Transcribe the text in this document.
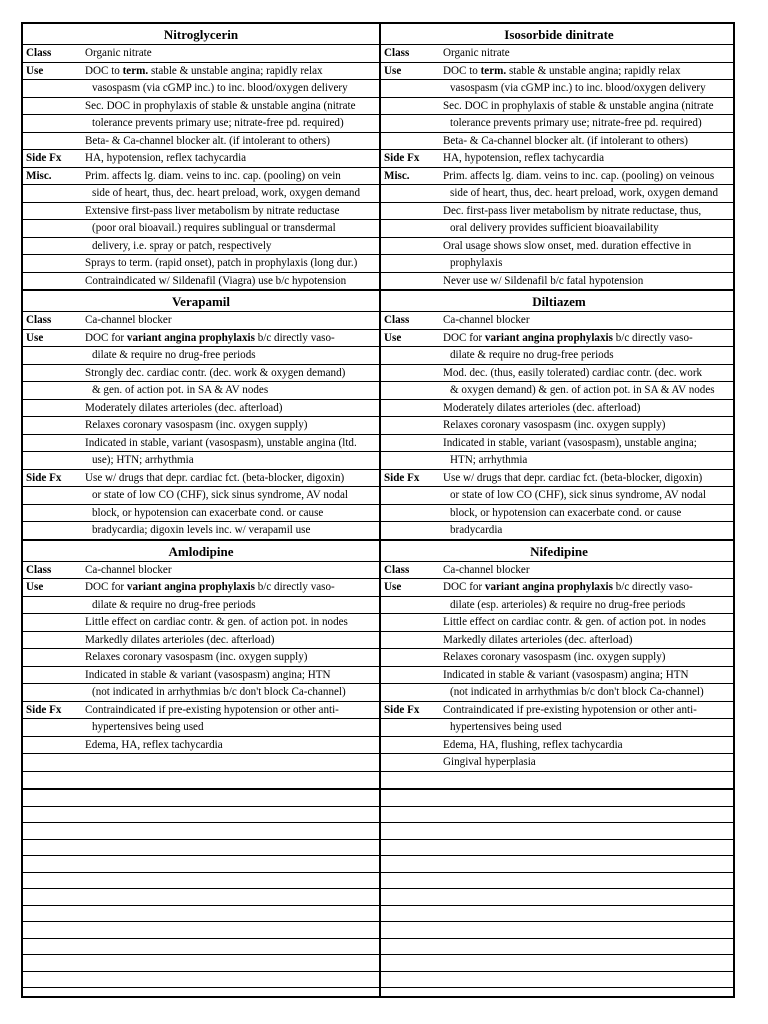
Nitroglycerin
Class	Organic nitrate
Use	DOC to term. stable & unstable angina; rapidly relax
vasospasm (via cGMP inc.) to inc. blood/oxygen delivery
Sec. DOC in prophylaxis of stable & unstable angina (nitrate
tolerance prevents primary use; nitrate-free pd. required)
Beta- & Ca-channel blocker alt. (if intolerant to others)
Side Fx	HA, hypotension, reflex tachycardia
Misc.	Prim. affects lg. diam. veins to inc. cap. (pooling) on vein
side of heart, thus, dec. heart preload, work, oxygen demand
Extensive first-pass liver metabolism by nitrate reductase
(poor oral bioavail.) requires sublingual or transdermal
delivery, i.e. spray or patch, respectively
Sprays to term. (rapid onset), patch in prophylaxis (long dur.)
Contraindicated w/ Sildenafil (Viagra) use b/c hypotension
Verapamil
Class	Ca-channel blocker
Use	DOC for variant angina prophylaxis b/c directly vaso-
dilate & require no drug-free periods
Strongly dec. cardiac contr. (dec. work & oxygen demand)
& gen. of action pot. in SA & AV nodes
Moderately dilates arterioles (dec. afterload)
Relaxes coronary vasospasm (inc. oxygen supply)
Indicated in stable, variant (vasospasm), unstable angina (ltd.
use); HTN; arrhythmia
Side Fx	Use w/ drugs that depr. cardiac fct. (beta-blocker, digoxin)
or state of low CO (CHF), sick sinus syndrome, AV nodal
block, or hypotension can exacerbate cond. or cause
bradycardia; digoxin levels inc. w/ verapamil use
Amlodipine
Class	Ca-channel blocker
Use	DOC for variant angina prophylaxis b/c directly vaso-
dilate & require no drug-free periods
Little effect on cardiac contr. & gen. of action pot. in nodes
Markedly dilates arterioles (dec. afterload)
Relaxes coronary vasospasm (inc. oxygen supply)
Indicated in stable & variant (vasospasm) angina; HTN
(not indicated in arrhythmias b/c don't block Ca-channel)
Side Fx	Contraindicated if pre-existing hypotension or other anti-
hypertensives being used
Edema, HA, reflex tachycardia
Isosorbide dinitrate
Class	Organic nitrate
Use	DOC to term. stable & unstable angina; rapidly relax
vasospasm (via cGMP inc.) to inc. blood/oxygen delivery
Sec. DOC in prophylaxis of stable & unstable angina (nitrate
tolerance prevents primary use; nitrate-free pd. required)
Beta- & Ca-channel blocker alt. (if intolerant to others)
Side Fx	HA, hypotension, reflex tachycardia
Misc.	Prim. affects lg. diam. veins to inc. cap. (pooling) on veinous
side of heart, thus, dec. heart preload, work, oxygen demand
Dec. first-pass liver metabolism by nitrate reductase, thus,
oral delivery provides sufficient bioavailability
Oral usage shows slow onset, med. duration effective in
prophylaxis
Never use w/ Sildenafil b/c fatal hypotension
Diltiazem
Class	Ca-channel blocker
Use	DOC for variant angina prophylaxis b/c directly vaso-
dilate & require no drug-free periods
Mod. dec. (thus, easily tolerated) cardiac contr. (dec. work
& oxygen demand) & gen. of action pot. in SA & AV nodes
Moderately dilates arterioles (dec. afterload)
Relaxes coronary vasospasm (inc. oxygen supply)
Indicated in stable, variant (vasospasm), unstable angina;
HTN; arrhythmia
Side Fx	Use w/ drugs that depr. cardiac fct. (beta-blocker, digoxin)
or state of low CO (CHF), sick sinus syndrome, AV nodal
block, or hypotension can exacerbate cond. or cause
bradycardia
Nifedipine
Class	Ca-channel blocker
Use	DOC for variant angina prophylaxis b/c directly vaso-
dilate (esp. arterioles) & require no drug-free periods
Little effect on cardiac contr. & gen. of action pot. in nodes
Markedly dilates arterioles (dec. afterload)
Relaxes coronary vasospasm (inc. oxygen supply)
Indicated in stable & variant (vasospasm) angina; HTN
(not indicated in arrhythmias b/c don't block Ca-channel)
Side Fx	Contraindicated if pre-existing hypotension or other anti-
hypertensives being used
Edema, HA, flushing, reflex tachycardia
Gingival hyperplasia
